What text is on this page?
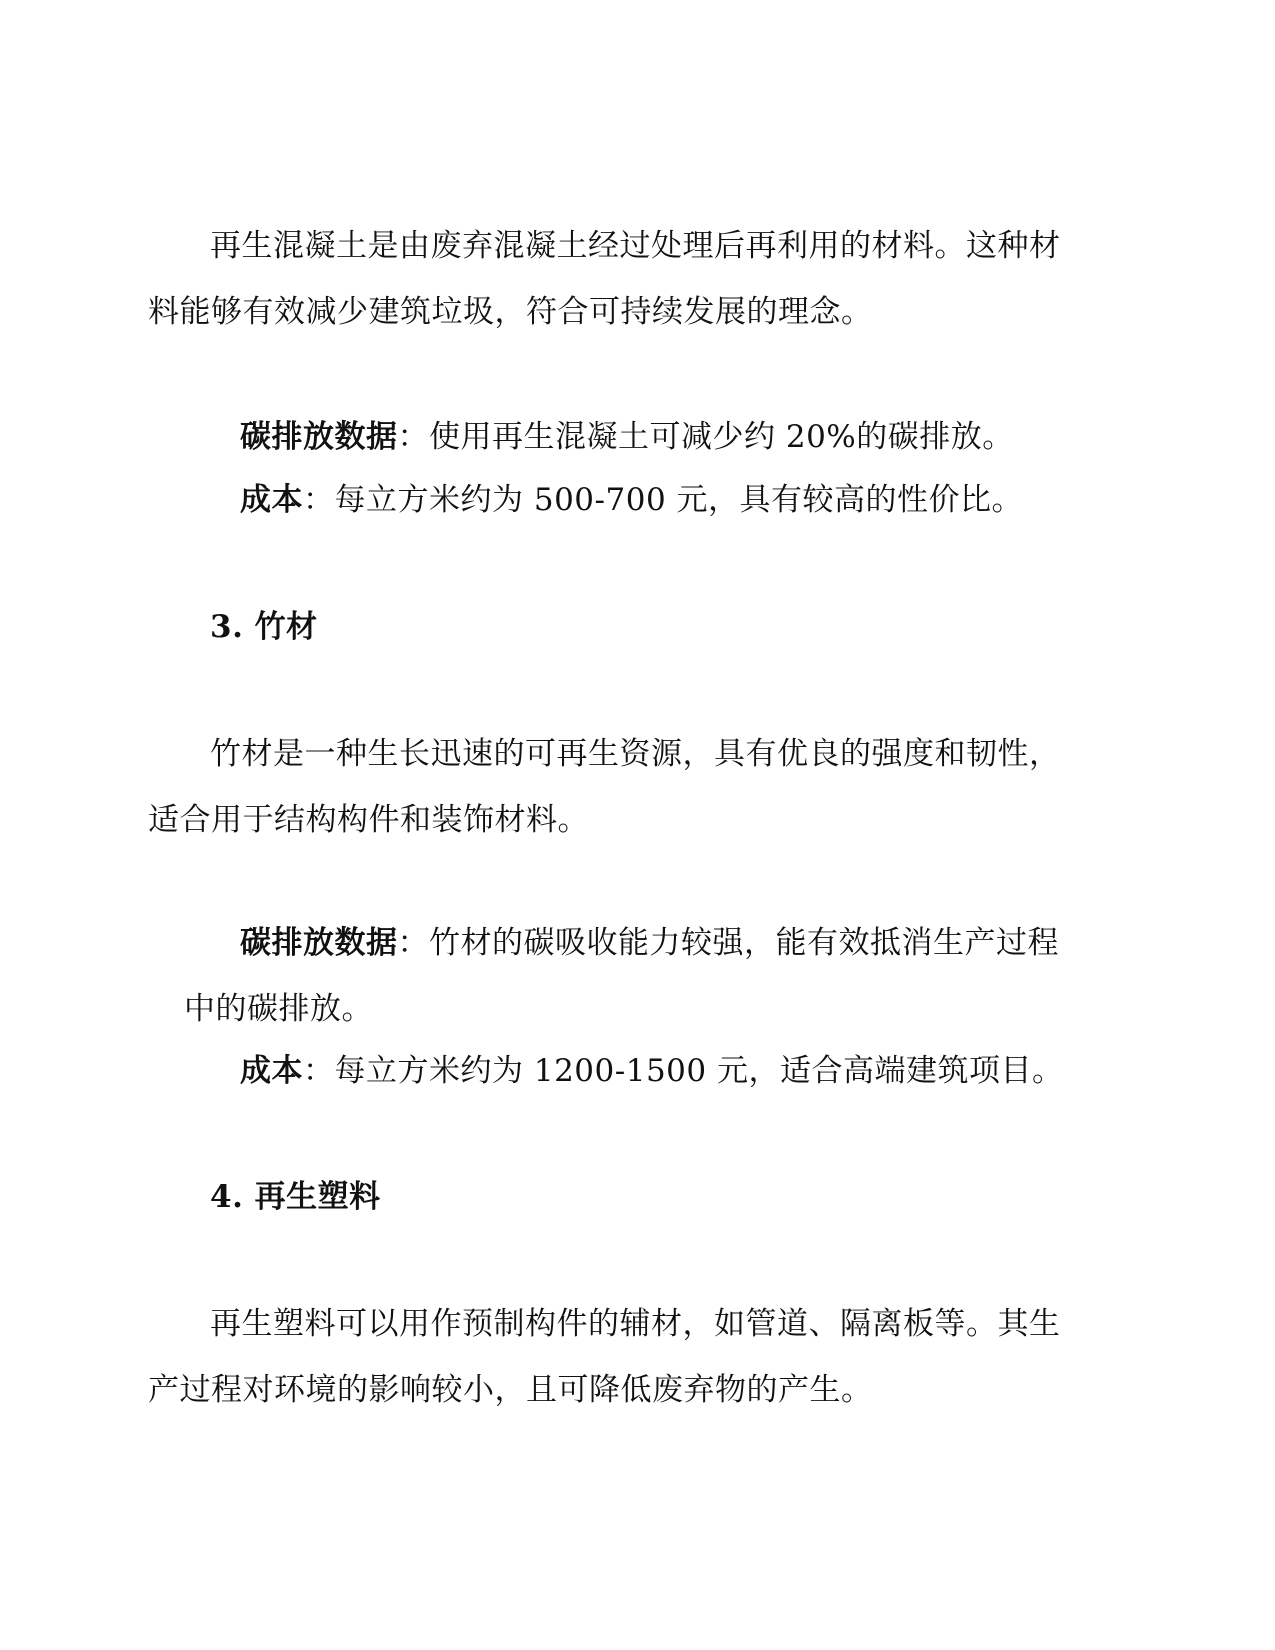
再生混凝土是由废弃混凝土经过处理后再利用的材料。这种材
料能够有效减少建筑垃圾，符合可持续发展的理念。
碳排放数据：使用再生混凝土可减少约 20%的碳排放。
成本：每立方米约为 500-700 元，具有较高的性价比。
3. 竹材
竹材是一种生长迅速的可再生资源，具有优良的强度和韧性，
适合用于结构构件和装饰材料。
碳排放数据：竹材的碳吸收能力较强，能有效抵消生产过程
中的碳排放。
成本：每立方米约为 1200-1500 元，适合高端建筑项目。
4. 再生塑料
再生塑料可以用作预制构件的辅材，如管道、隔离板等。其生
产过程对环境的影响较小，且可降低废弃物的产生。
